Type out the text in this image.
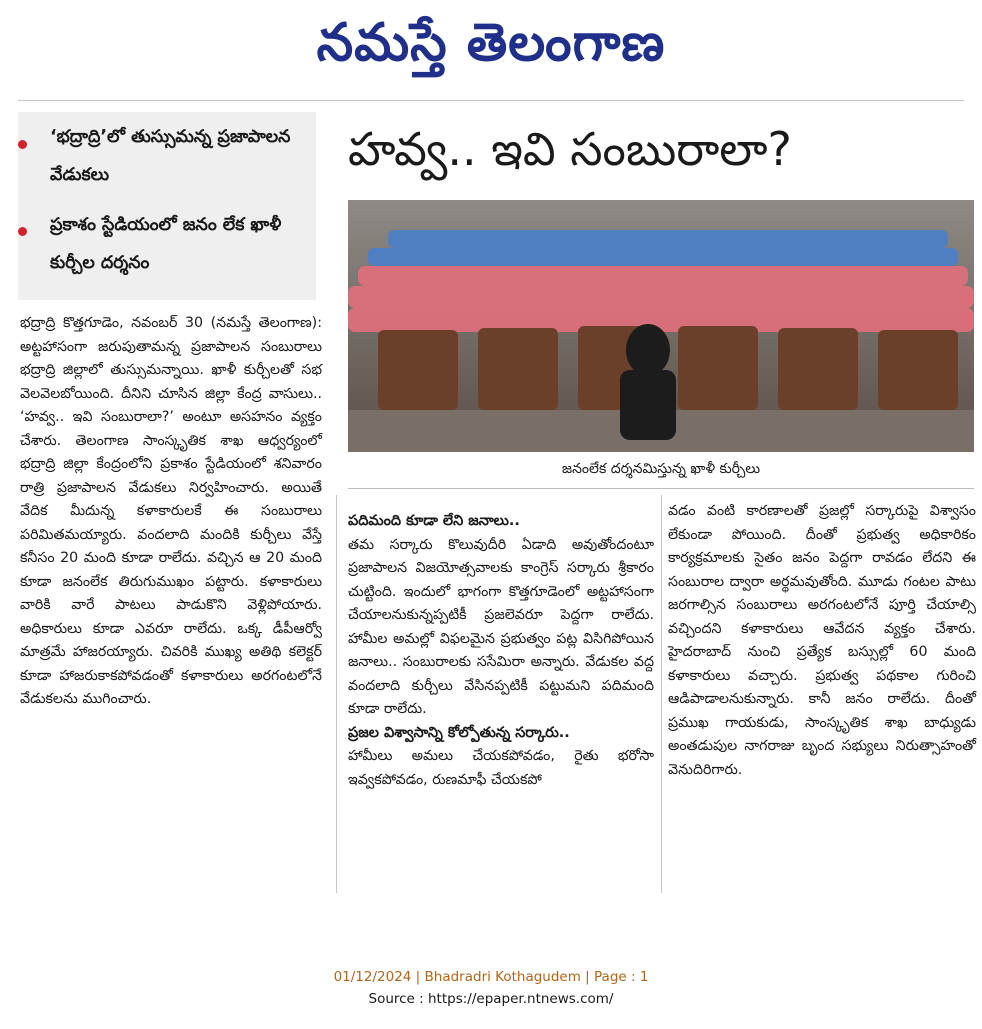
నమస్తే తెలంగాణ
‘భద్రాద్రి’లో తుస్సుమన్న ప్రజాపాలన వేడుకలు
ప్రకాశం స్టేడియంలో జనం లేక ఖాళీ కుర్చీల దర్శనం
హవ్వ.. ఇవి సంబురాలా?
జనంలేక దర్శనమిస్తున్న ఖాళీ కుర్చీలు

భద్రాద్రి కొత్తగూడెం, నవంబర్ 30 (నమస్తే తెలంగాణ): అట్టహాసంగా జరుపుతామన్న ప్రజాపాలన సంబురాలు భద్రాద్రి జిల్లాలో తుస్సుమన్నాయి. ఖాళీ కుర్చీలతో సభ వెలవెలబోయింది. దీనిని చూసిన జిల్లా కేంద్ర వాసులు.. ‘హవ్వ.. ఇవి సంబురాలా?’ అంటూ అసహనం వ్యక్తం చేశారు. తెలంగాణ సాంస్కృతిక శాఖ ఆధ్వర్యంలో భద్రాద్రి జిల్లా కేంద్రంలోని ప్రకాశం స్టేడియంలో శనివారం రాత్రి ప్రజాపాలన వేడుకలు నిర్వహించారు. అయితే వేదిక మీదున్న కళాకారులకే ఈ సంబురాలు పరిమితమయ్యారు. వందలాది మందికి కుర్చీలు వేస్తే కనీసం 20 మంది కూడా రాలేదు. వచ్చిన ఆ 20 మంది కూడా జనంలేక తిరుగుముఖం పట్టారు. కళాకారులు వారికి వారే పాటలు పాడుకొని వెళ్లిపోయారు. అధికారులు కూడా ఎవరూ రాలేదు. ఒక్క డీపీఆర్వో మాత్రమే హాజరయ్యారు. చివరికి ముఖ్య అతిథి కలెక్టర్ కూడా హాజరుకాకపోవడంతో కళాకారులు అరగంటలోనే వేడుకలను ముగించారు.

పదిమంది కూడా లేని జనాలు..

తమ సర్కారు కొలువుదీరి ఏడాది అవుతోందంటూ ప్రజాపాలన విజయోత్సవాలకు కాంగ్రెస్ సర్కారు శ్రీకారం చుట్టింది. ఇందులో భాగంగా కొత్తగూడెంలో అట్టహాసంగా చేయాలనుకున్నప్పటికీ ప్రజలెవరూ పెద్దగా రాలేదు. హామీల అమల్లో విఫలమైన ప్రభుత్వం పట్ల విసిగిపోయిన జనాలు.. సంబురాలకు ససేమిరా అన్నారు. వేడుకల వద్ద వందలాది కుర్చీలు వేసినప్పటికీ పట్టుమని పదిమంది కూడా రాలేదు.

ప్రజల విశ్వాసాన్ని కోల్పోతున్న సర్కారు..

హామీలు అమలు చేయకపోవడం, రైతు భరోసా ఇవ్వకపోవడం, రుణమాఫీ చేయకపో

వడం వంటి కారణాలతో ప్రజల్లో సర్కారుపై విశ్వాసం లేకుండా పోయింది. దీంతో ప్రభుత్వ అధికారికం కార్యక్రమాలకు సైతం జనం పెద్దగా రావడం లేదని ఈ సంబురాల ద్వారా అర్థమవుతోంది. మూడు గంటల పాటు జరగాల్సిన సంబురాలు అరగంటలోనే పూర్తి చేయాల్సి వచ్చిందని కళాకారులు ఆవేదన వ్యక్తం చేశారు. హైదరాబాద్ నుంచి ప్రత్యేక బస్సుల్లో 60 మంది కళాకారులు వచ్చారు. ప్రభుత్వ పథకాల గురించి ఆడిపాడాలనుకున్నారు. కానీ జనం రాలేదు. దీంతో ప్రముఖ గాయకుడు, సాంస్కృతిక శాఖ బాధ్యుడు అంతడుపుల నాగరాజు బృంద సభ్యులు నిరుత్సాహంతో వెనుదిరిగారు.

01/12/2024 | Bhadradri Kothagudem | Page : 1
Source : https://epaper.ntnews.com/
